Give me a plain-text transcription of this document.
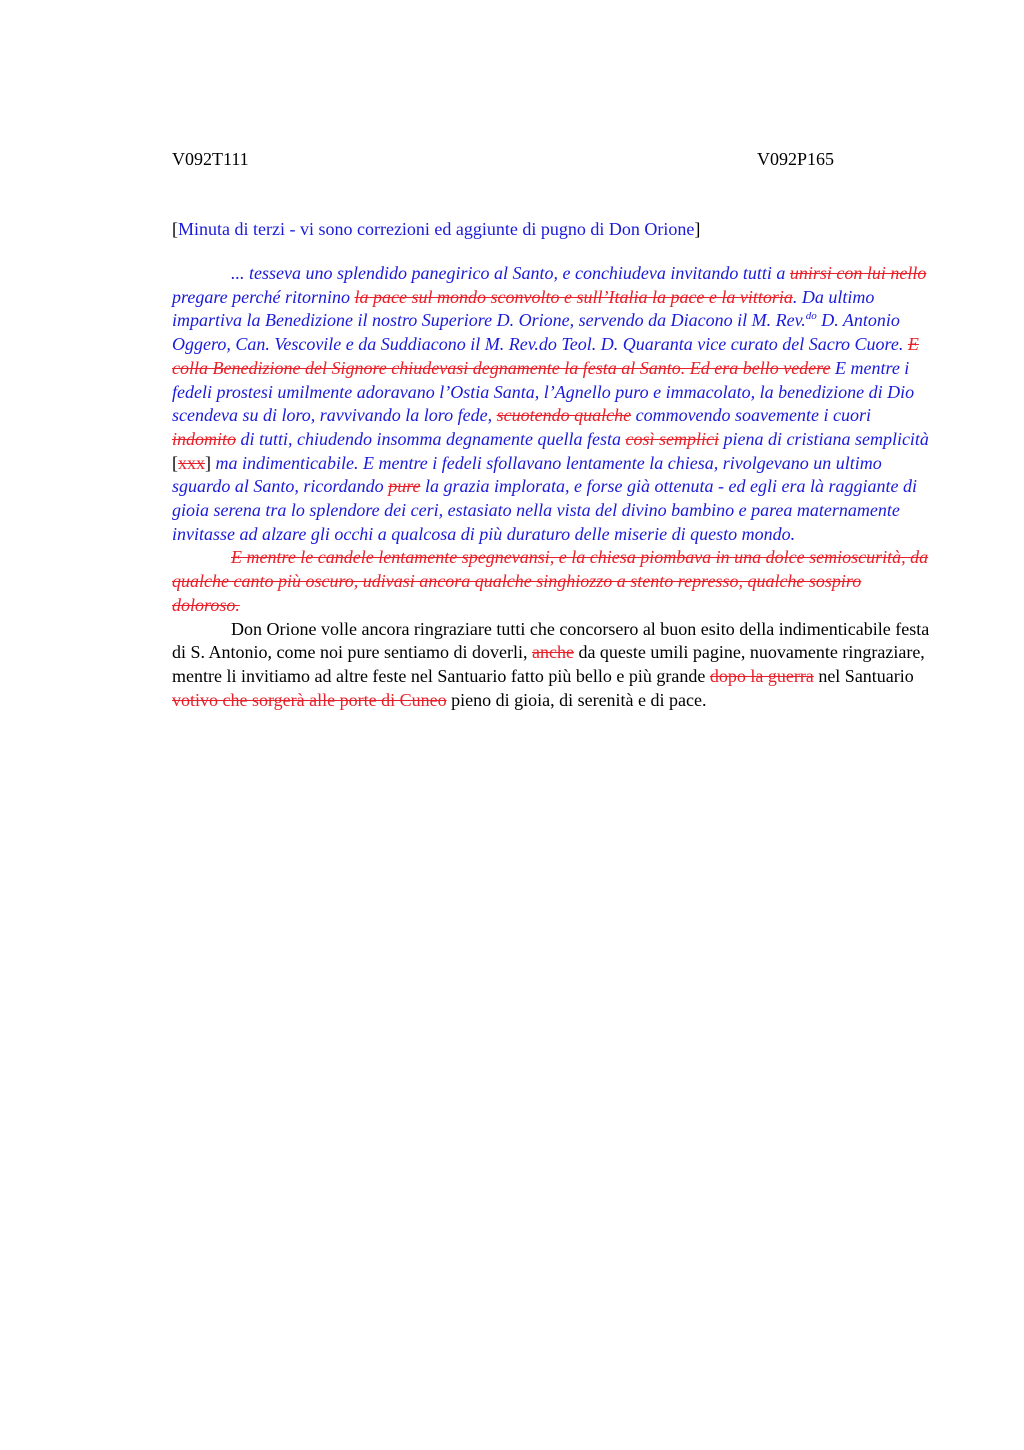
V092T111	V092P165
[Minuta di terzi - vi sono correzioni ed aggiunte di pugno di Don Orione]

... tesseva uno splendido panegirico al Santo, e conchiudeva invitando tutti a unirsi con lui nello pregare perché ritornino la pace sul mondo sconvolto e sull’Italia la pace e la vittoria. Da ultimo impartiva la Benedizione il nostro Superiore D. Orione, servendo da Diacono il M. Rev.$^{do}$ D. Antonio Oggero, Can. Vescovile e da Suddiacono il M. Rev.do Teol. D. Quaranta vice curato del Sacro Cuore. E colla Benedizione del Signore chiudevasi degnamente la festa al Santo. Ed era bello vedere E mentre i fedeli prostesi umilmente adoravano l’Ostia Santa, l’Agnello puro e immacolato, la benedizione di Dio scendeva su di loro, ravvivando la loro fede, scuotendo qualche commovendo soavemente i cuori indomito di tutti, chiudendo insomma degnamente quella festa così semplici piena di cristiana semplicità [xxx] ma indimenticabile. E mentre i fedeli sfollavano lentamente la chiesa, rivolgevano un ultimo sguardo al Santo, ricordando pure la grazia implorata, e forse già ottenuta - ed egli era là raggiante di gioia serena tra lo splendore dei ceri, estasiato nella vista del divino bambino e parea maternamente invitasse ad alzare gli occhi a qualcosa di più duraturo delle miserie di questo mondo.

E mentre le candele lentamente spegnevansi, e la chiesa piombava in una dolce semioscurità, da qualche canto più oscuro, udivasi ancora qualche singhiozzo a stento represso, qualche sospiro doloroso.

Don Orione volle ancora ringraziare tutti che concorsero al buon esito della indimenticabile festa di S. Antonio, come noi pure sentiamo di doverli, anche da queste umili pagine, nuovamente ringraziare, mentre li invitiamo ad altre feste nel Santuario fatto più bello e più grande dopo la guerra nel Santuario votivo che sorgerà alle porte di Cuneo pieno di gioia, di serenità e di pace.
